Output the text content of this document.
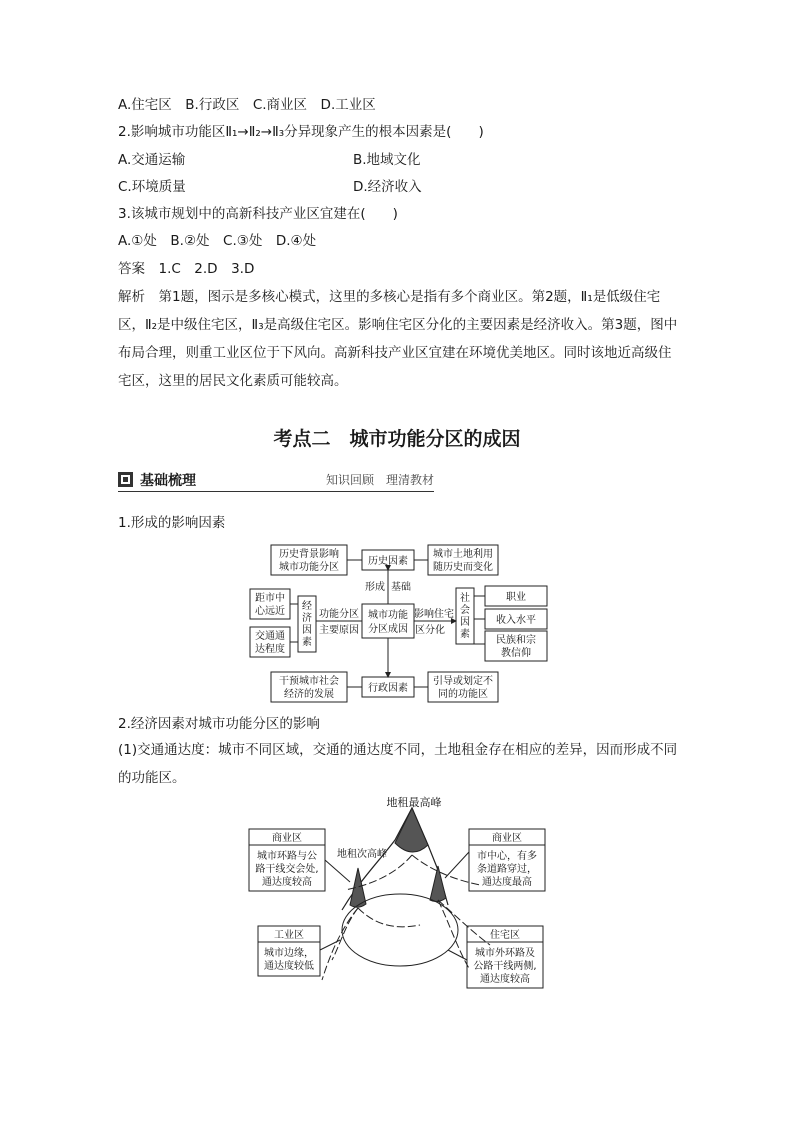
A.住宅区　B.行政区　C.商业区　D.工业区
2.影响城市功能区Ⅱ₁→Ⅱ₂→Ⅱ₃分异现象产生的根本因素是(　　)
A.交通运输	B.地域文化
C.环境质量	D.经济收入
3.该城市规划中的高新科技产业区宜建在(　　)
A.①处　B.②处　C.③处　D.④处
答案　1.C　2.D　3.D
解析　第1题，图示是多核心模式，这里的多核心是指有多个商业区。第2题，Ⅱ₁是低级住宅区，Ⅱ₂是中级住宅区，Ⅱ₃是高级住宅区。影响住宅区分化的主要因素是经济收入。第3题，图中布局合理，则重工业区位于下风向。高新科技产业区宜建在环境优美地区。同时该地近高级住宅区，这里的居民文化素质可能较高。
考点二　城市功能分区的成因
基础梳理	知识回顾　理清教材
1.形成的影响因素
历史背景影响
城市功能分区
历史因素
城市土地利用
随历史而变化
形成 基础
距市中
心远近
交通通
达程度
经
济
因
素
功能分区
主要原因
城市功能
分区成因
影响住宅
区分化
社
会
因
素
职业
收入水平
民族和宗
教信仰
干预城市社会
经济的发展
行政因素
引导或划定不
同的功能区
地租最高峰
地租次高峰
商业区
城市环路与公
路干线交会处,
通达度较高
商业区
市中心，有多
条道路穿过，
通达度最高
工业区
城市边缘，
通达度较低
住宅区
城市外环路及
公路干线两侧,
通达度较高
2.经济因素对城市功能分区的影响
(1)交通通达度：城市不同区域，交通的通达度不同，土地租金存在相应的差异，因而形成不同的功能区。
